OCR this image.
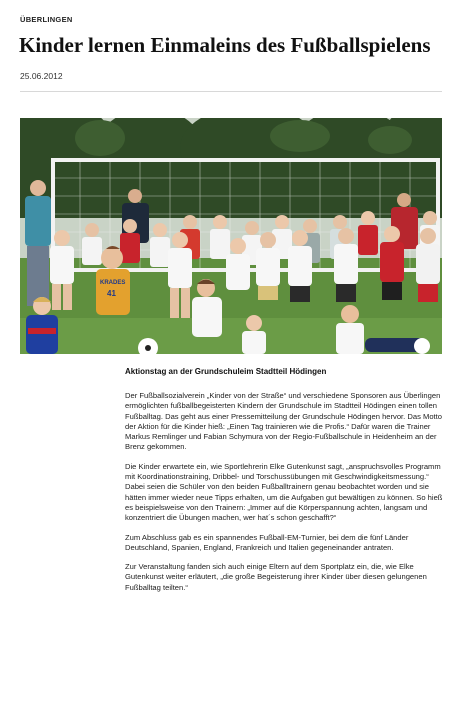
ÜBERLINGEN
Kinder lernen Einmaleins des Fußballspielens
25.06.2012
KRADES
41
Aktionstag an der Grundschuleim Stadtteil Hödingen

Der Fußballsozialverein „Kinder von der Straße“ und verschiedene Sponsoren aus Überlingen ermöglichten fußballbegeisterten Kindern der Grundschule im Stadtteil Hödingen einen tollen Fußballtag. Das geht aus einer Pressemitteilung der Grundschule Hödingen hervor. Das Motto der Aktion für die Kinder hieß: „Einen Tag trainieren wie die Profis.“ Dafür waren die Trainer Markus Remlinger und Fabian Schymura von der Regio-Fußballschule in Heidenheim an der Brenz gekommen.

Die Kinder erwartete ein, wie Sportlehrerin Elke Gutenkunst sagt, „anspruchsvolles Programm mit Koordinationstraining, Dribbel- und Torschussübungen mit Geschwindigkeitsmessung.“ Dabei seien die Schüler von den beiden Fußballtrainern genau beobachtet worden und sie hätten immer wieder neue Tipps erhalten, um die Aufgaben gut bewältigen zu können. So hieß es beispielsweise von den Trainern: „Immer auf die Körperspannung achten, langsam und konzentriert die Übungen machen, wer hat´s schon geschafft?“

Zum Abschluss gab es ein spannendes Fußball-EM-Turnier, bei dem die fünf Länder Deutschland, Spanien, England, Frankreich und Italien gegeneinander antraten.

Zur Veranstaltung fanden sich auch einige Eltern auf dem Sportplatz ein, die, wie Elke Gutenkunst weiter erläutert, „die große Begeisterung ihrer Kinder über diesen gelungenen Fußballtag teilten.“
